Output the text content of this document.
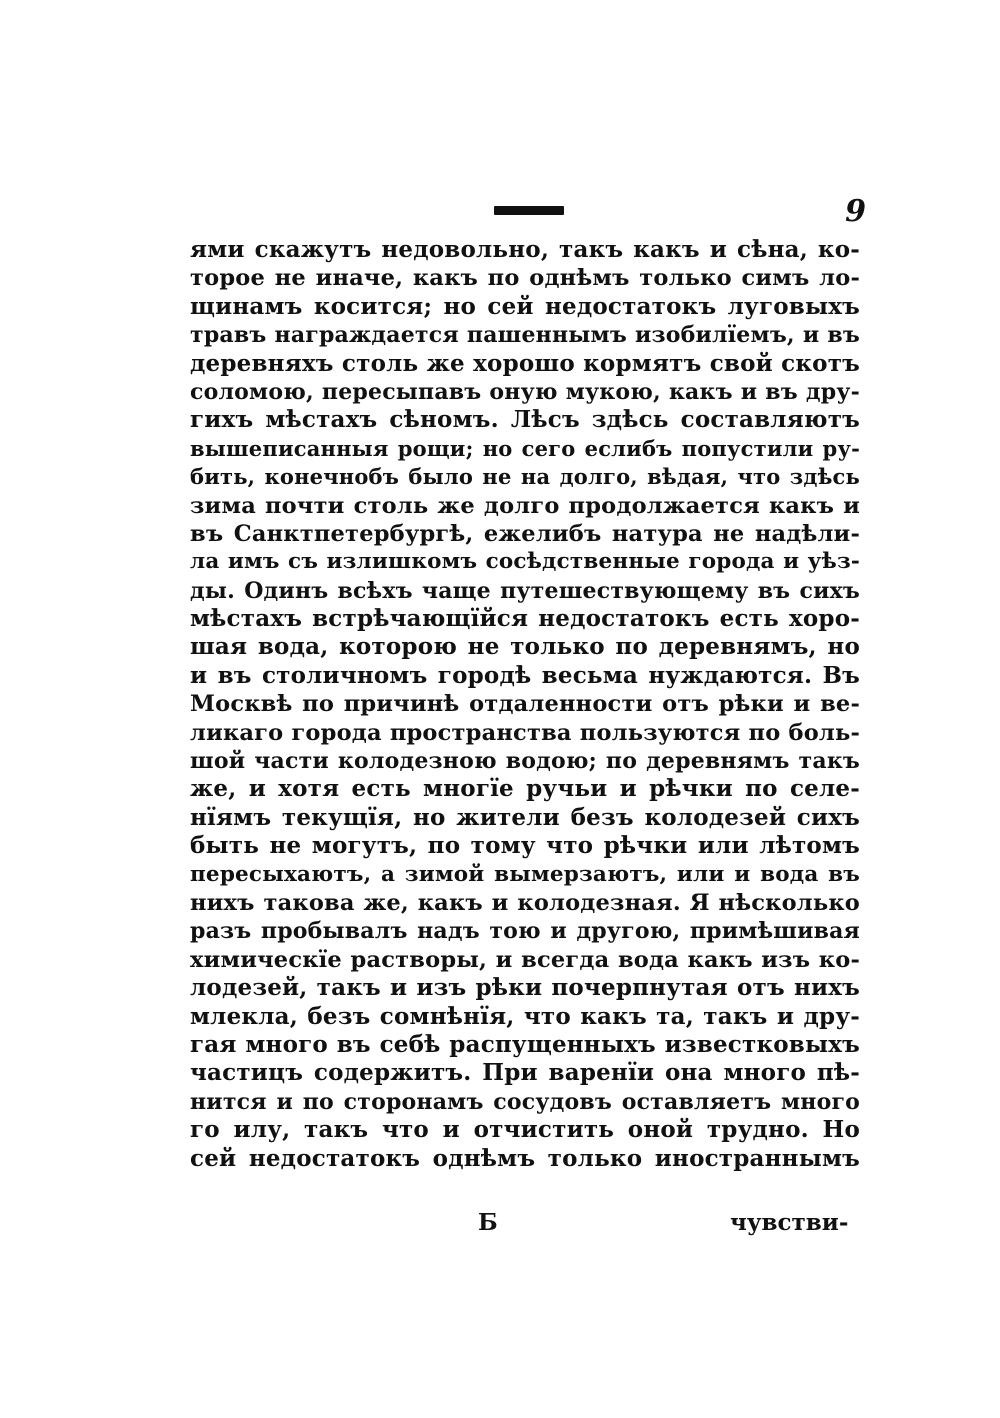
9
ями скажутъ недовольно, такъ какъ и сѣна, ко-
торое не иначе, какъ по однѣмъ только симъ ло-
щинамъ косится; но сей недостатокъ луговыхъ
травъ награждается пашеннымъ изобилїемъ, и въ
деревняхъ столь же хорошо кормятъ свой скотъ
соломою, пересыпавъ оную мукою, какъ и въ дру-
гихъ мѣстахъ сѣномъ. Лѣсъ здѣсь составляютъ
вышеписанныя рощи; но сего еслибъ попустили ру-
бить, конечнобъ было не на долго, вѣдая, что здѣсь
зима почти столь же долго продолжается какъ и
въ Санктпетербургѣ, ежелибъ натура не надѣли-
ла имъ съ излишкомъ сосѣдственные города и уѣз-
ды. Одинъ всѣхъ чаще путешествующему въ сихъ
мѣстахъ встрѣчающїйся недостатокъ есть хоро-
шая вода, которою не только по деревнямъ, но
и въ столичномъ городѣ весьма нуждаются. Въ
Москвѣ по причинѣ отдаленности отъ рѣки и ве-
ликаго города пространства пользуются по боль-
шой части колодезною водою; по деревнямъ такъ
же, и хотя есть многїе ручьи и рѣчки по селе-
нїямъ текущїя, но жители безъ колодезей сихъ
быть не могутъ, по тому что рѣчки или лѣтомъ
пересыхаютъ, а зимой вымерзаютъ, или и вода въ
нихъ такова же, какъ и колодезная. Я нѣсколько
разъ пробывалъ надъ тою и другою, примѣшивая
химическїе растворы, и всегда вода какъ изъ ко-
лодезей, такъ и изъ рѣки почерпнутая отъ нихъ
млекла, безъ сомнѣнїя, что какъ та, такъ и дру-
гая много въ себѣ распущенныхъ известковыхъ
частицъ содержитъ. При варенїи она много пѣ-
нится и по сторонамъ сосудовъ оставляетъ много
го илу, такъ что и отчистить оной трудно. Но
сей недостатокъ однѣмъ только иностраннымъ
Б	чувстви-
